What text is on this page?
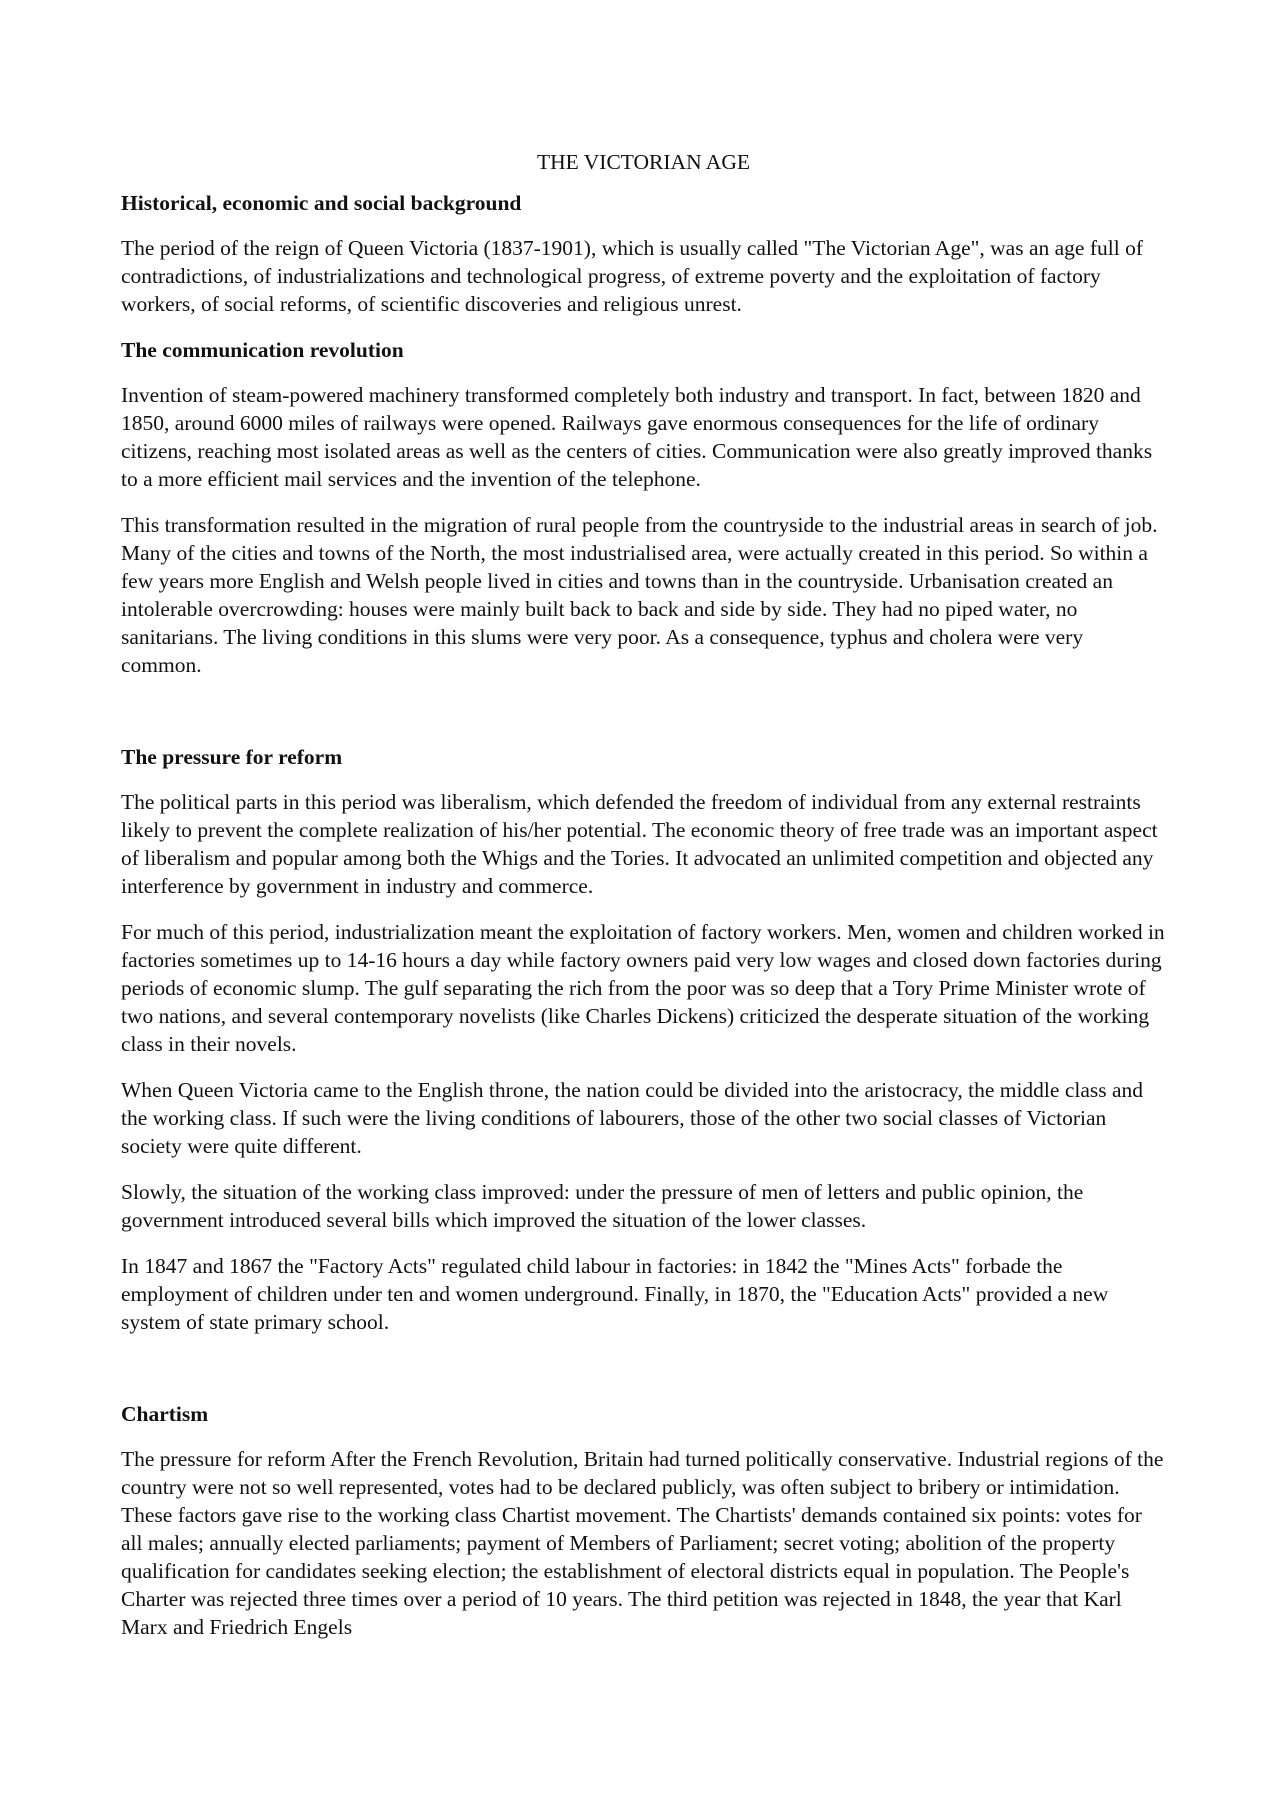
THE VICTORIAN AGE
Historical, economic and social background

The period of the reign of Queen Victoria (1837-1901), which is usually called "The Victorian Age", was an age full of contradictions, of industrializations and technological progress, of extreme poverty and the exploitation of factory workers, of social reforms, of scientific discoveries and religious unrest.

The communication revolution

Invention of steam-powered machinery transformed completely both industry and transport. In fact, between 1820 and 1850, around 6000 miles of railways were opened. Railways gave enormous consequences for the life of ordinary citizens, reaching most isolated areas as well as the centers of cities. Communication were also greatly improved thanks to a more efficient mail services and the invention of the telephone.

This transformation resulted in the migration of rural people from the countryside to the industrial areas in search of job. Many of the cities and towns of the North, the most industrialised area, were actually created in this period. So within a few years more English and Welsh people lived in cities and towns than in the countryside. Urbanisation created an intolerable overcrowding: houses were mainly built back to back and side by side. They had no piped water, no sanitarians. The living conditions in this slums were very poor. As a consequence, typhus and cholera were very common.

The pressure for reform

The political parts in this period was liberalism, which defended the freedom of individual from any external restraints likely to prevent the complete realization of his/her potential. The economic theory of free trade was an important aspect of liberalism and popular among both the Whigs and the Tories. It advocated an unlimited competition and objected any interference by government in industry and commerce.

For much of this period, industrialization meant the exploitation of factory workers. Men, women and children worked in factories sometimes up to 14-16 hours a day while factory owners paid very low wages and closed down factories during periods of economic slump. The gulf separating the rich from the poor was so deep that a Tory Prime Minister wrote of two nations, and several contemporary novelists (like Charles Dickens) criticized the desperate situation of the working class in their novels.

When Queen Victoria came to the English throne, the nation could be divided into the aristocracy, the middle class and the working class. If such were the living conditions of labourers, those of the other two social classes of Victorian society were quite different.

Slowly, the situation of the working class improved: under the pressure of men of letters and public opinion, the government introduced several bills which improved the situation of the lower classes.

In 1847 and 1867 the "Factory Acts" regulated child labour in factories: in 1842 the "Mines Acts" forbade the employment of children under ten and women underground. Finally, in 1870, the "Education Acts" provided a new system of state primary school.

Chartism

The pressure for reform After the French Revolution, Britain had turned politically conservative. Industrial regions of the country were not so well represented, votes had to be declared publicly, was often subject to bribery or intimidation. These factors gave rise to the working class Chartist movement. The Chartists' demands contained six points: votes for all males; annually elected parliaments; payment of Members of Parliament; secret voting; abolition of the property qualification for candidates seeking election; the establishment of electoral districts equal in population. The People's Charter was rejected three times over a period of 10 years. The third petition was rejected in 1848, the year that Karl Marx and Friedrich Engels
